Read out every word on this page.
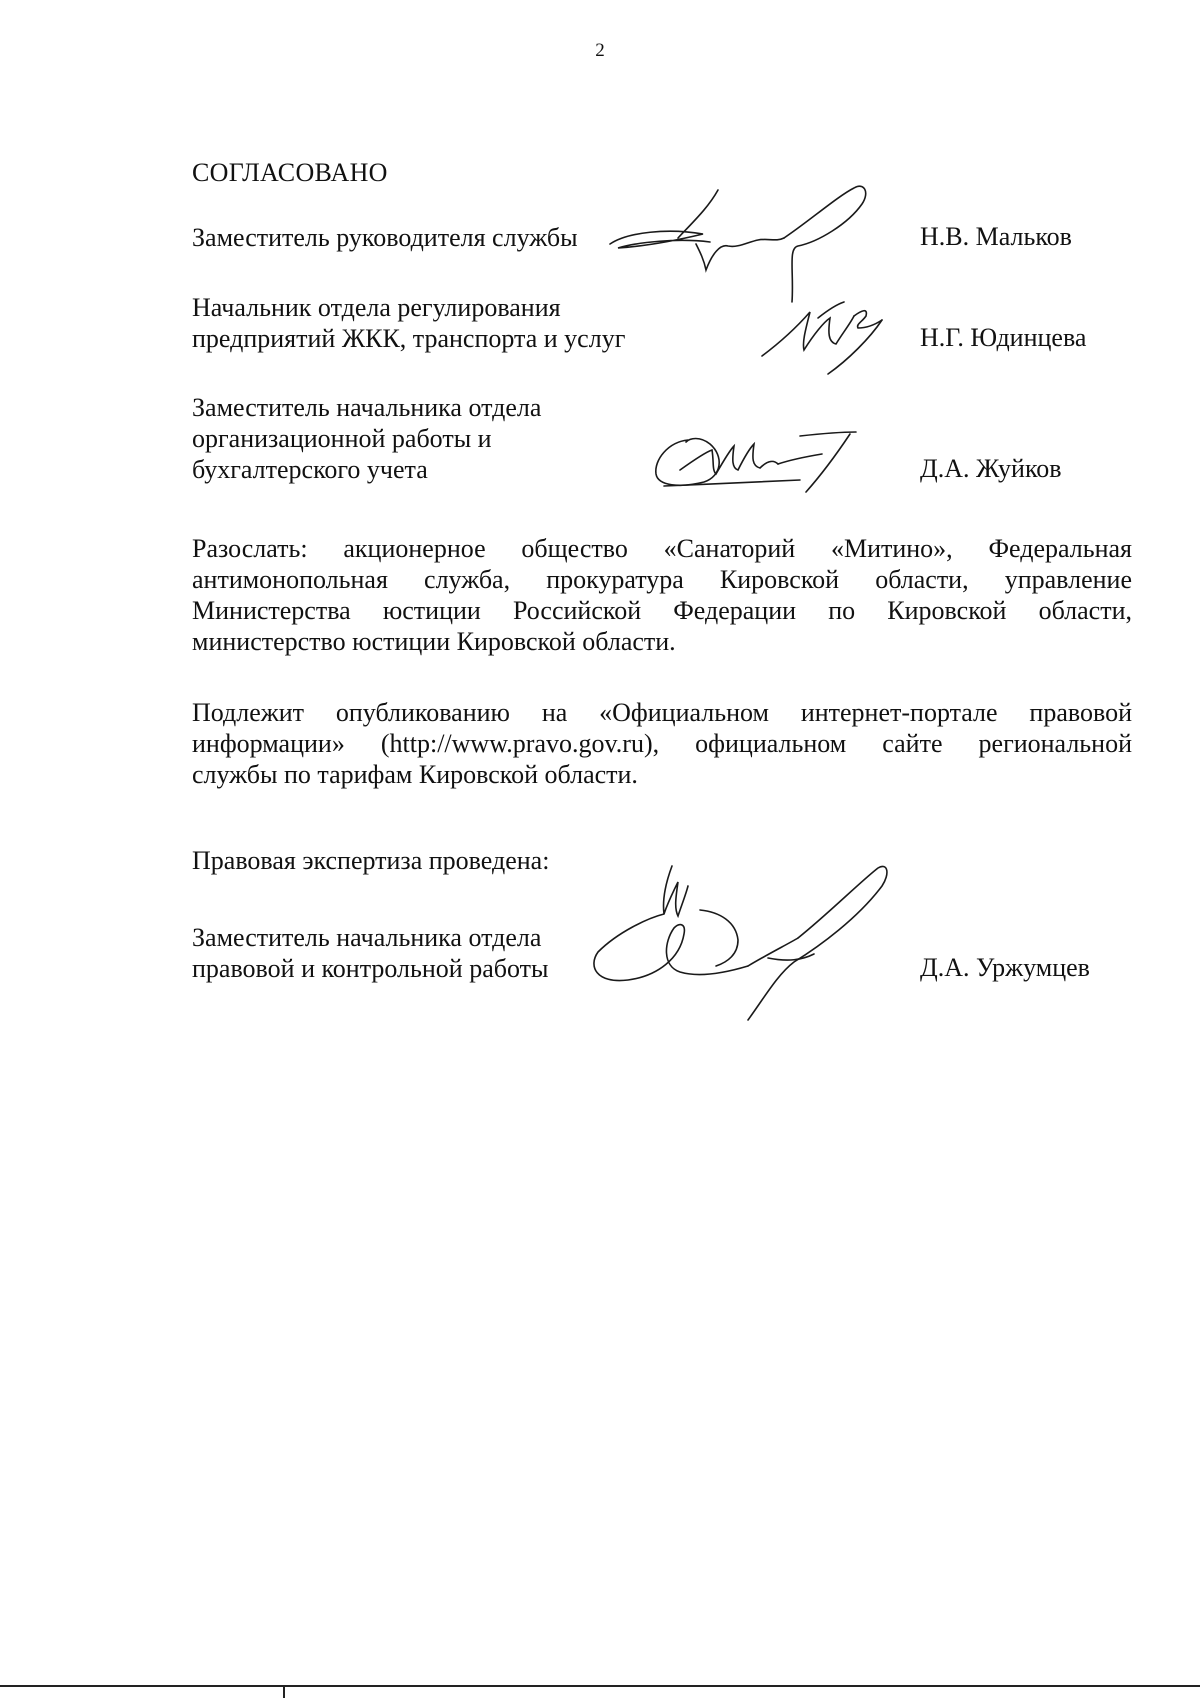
2
СОГЛАСОВАНО
Заместитель руководителя службы	Н.В. Мальков
Начальник отдела регулирования
предприятий ЖКК, транспорта и услуг	Н.Г. Юдинцева
Заместитель начальника отдела
организационной работы и
бухгалтерского учета	Д.А. Жуйков
Разослать: акционерное общество «Санаторий «Митино», Федеральная
антимонопольная служба, прокуратура Кировской области, управление
Министерства юстиции Российской Федерации по Кировской области,
министерство юстиции Кировской области.
Подлежит опубликованию на «Официальном интернет-портале правовой
информации» (http://www.pravo.gov.ru), официальном сайте региональной
службы по тарифам Кировской области.
Правовая экспертиза проведена:
Заместитель начальника отдела
правовой и контрольной работы	Д.А. Уржумцев
